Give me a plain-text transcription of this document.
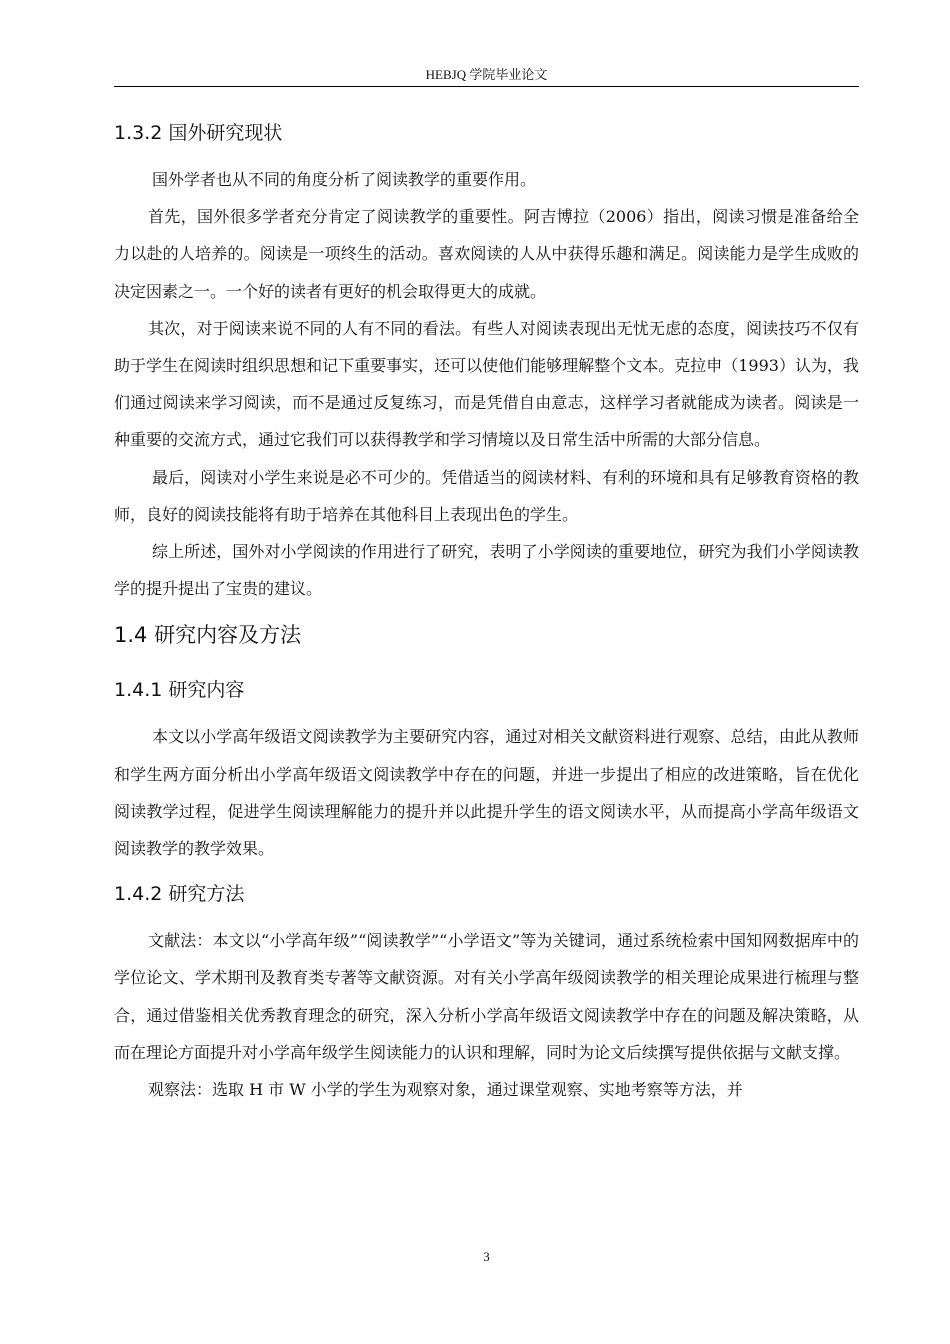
HEBJQ 学院毕业论文
1.3.2 国外研究现状

国外学者也从不同的角度分析了阅读教学的重要作用。

首先，国外很多学者充分肯定了阅读教学的重要性。阿吉博拉（2006）指出，阅读习惯是准备给全力以赴的人培养的。阅读是一项终生的活动。喜欢阅读的人从中获得乐趣和满足。阅读能力是学生成败的决定因素之一。一个好的读者有更好的机会取得更大的成就。

其次，对于阅读来说不同的人有不同的看法。有些人对阅读表现出无忧无虑的态度，阅读技巧不仅有助于学生在阅读时组织思想和记下重要事实，还可以使他们能够理解整个文本。克拉申（1993）认为，我们通过阅读来学习阅读，而不是通过反复练习，而是凭借自由意志，这样学习者就能成为读者。阅读是一种重要的交流方式，通过它我们可以获得教学和学习情境以及日常生活中所需的大部分信息。

最后，阅读对小学生来说是必不可少的。凭借适当的阅读材料、有利的环境和具有足够教育资格的教师，良好的阅读技能将有助于培养在其他科目上表现出色的学生。

综上所述，国外对小学阅读的作用进行了研究，表明了小学阅读的重要地位，研究为我们小学阅读教学的提升提出了宝贵的建议。

1.4 研究内容及方法
1.4.1 研究内容

本文以小学高年级语文阅读教学为主要研究内容，通过对相关文献资料进行观察、总结，由此从教师和学生两方面分析出小学高年级语文阅读教学中存在的问题，并进一步提出了相应的改进策略，旨在优化阅读教学过程，促进学生阅读理解能力的提升并以此提升学生的语文阅读水平，从而提高小学高年级语文阅读教学的教学效果。

1.4.2 研究方法

文献法：本文以“小学高年级”“阅读教学”“小学语文”等为关键词，通过系统检索中国知网数据库中的学位论文、学术期刊及教育类专著等文献资源。对有关小学高年级阅读教学的相关理论成果进行梳理与整合，通过借鉴相关优秀教育理念的研究，深入分析小学高年级语文阅读教学中存在的问题及解决策略，从而在理论方面提升对小学高年级学生阅读能力的认识和理解，同时为论文后续撰写提供依据与文献支撑。

观察法：选取 H 市 W 小学的学生为观察对象，通过课堂观察、实地考察等方法，并

3
